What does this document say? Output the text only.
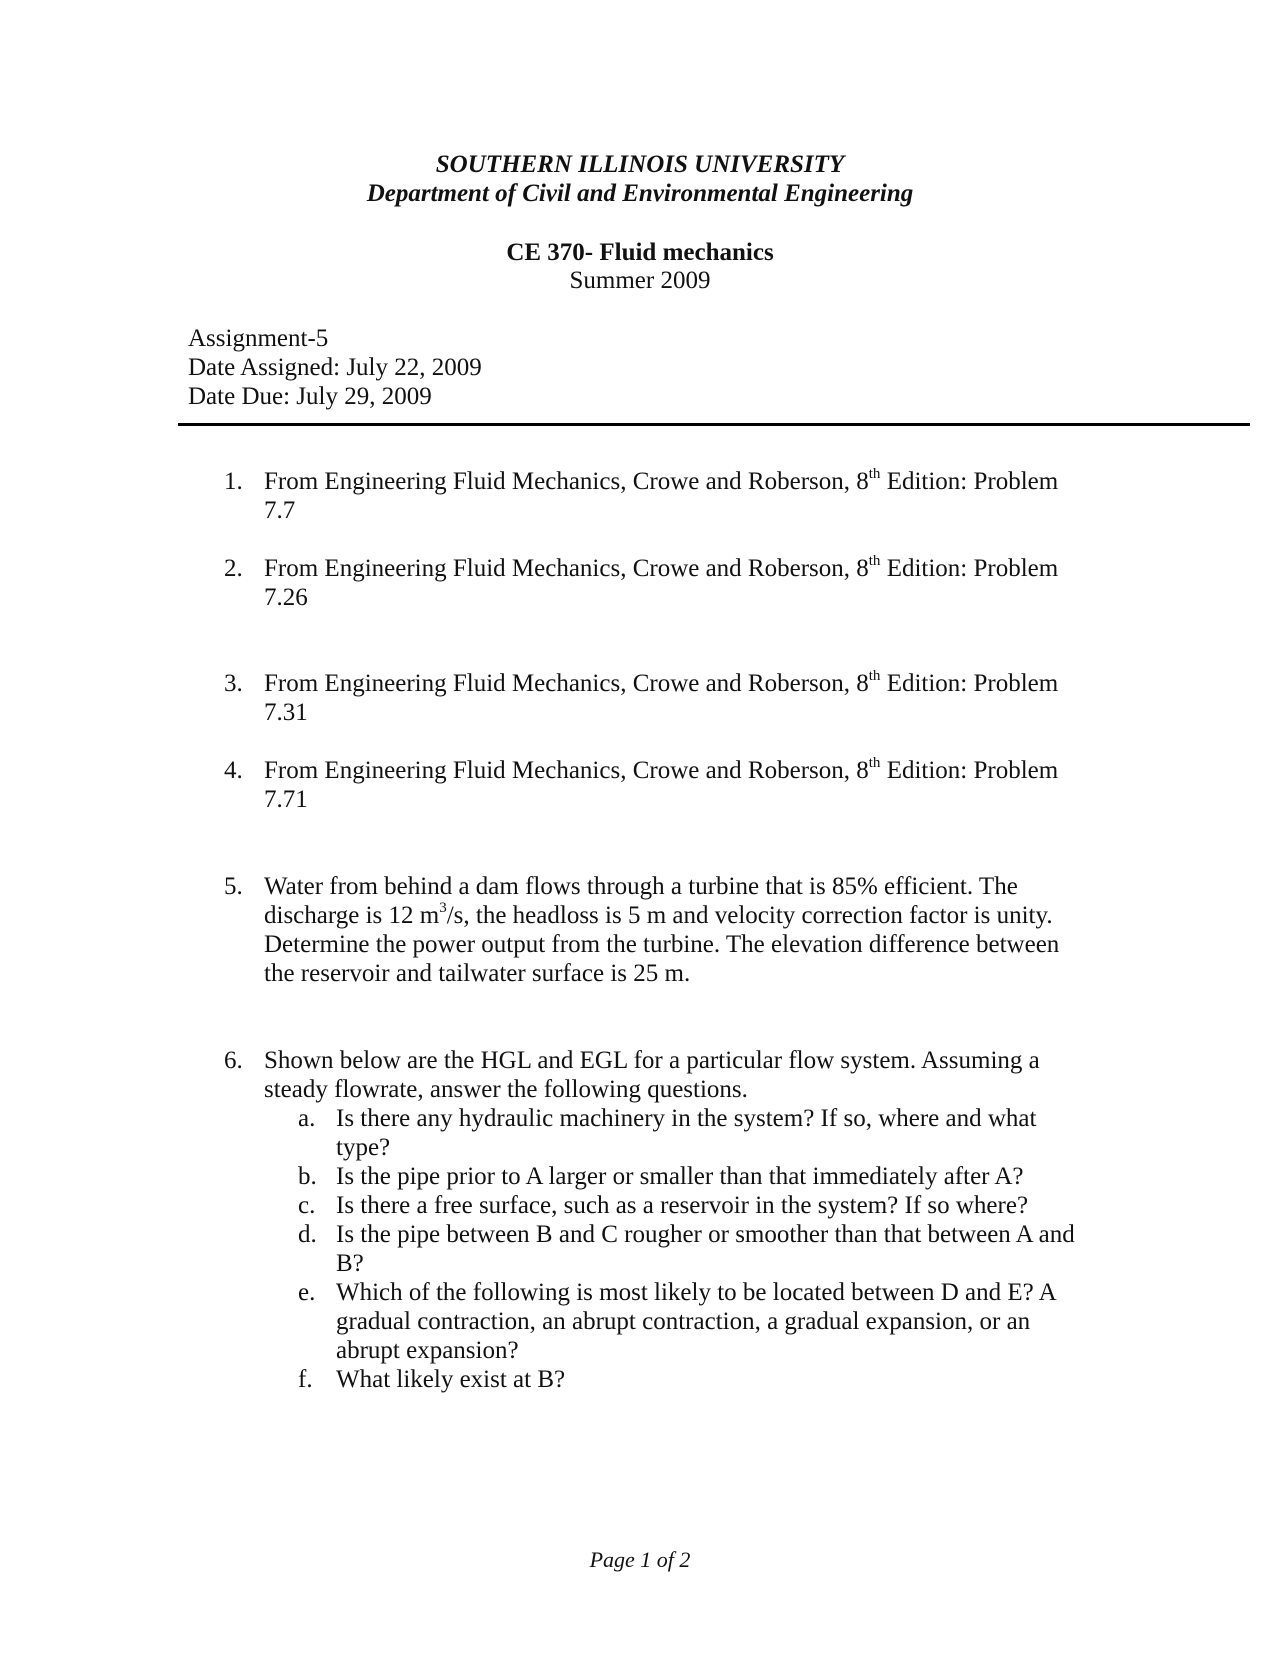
SOUTHERN ILLINOIS UNIVERSITY
Department of Civil and Environmental Engineering
CE 370- Fluid mechanics
Summer 2009
Assignment-5
Date Assigned: July 22, 2009
Date Due: July 29, 2009
1. From Engineering Fluid Mechanics, Crowe and Roberson, 8th Edition: Problem
7.7
2. From Engineering Fluid Mechanics, Crowe and Roberson, 8th Edition: Problem
7.26
3. From Engineering Fluid Mechanics, Crowe and Roberson, 8th Edition: Problem
7.31
4. From Engineering Fluid Mechanics, Crowe and Roberson, 8th Edition: Problem
7.71
5. Water from behind a dam flows through a turbine that is 85% efficient. The
discharge is 12 $m^3/s$, the headloss is 5 m and velocity correction factor is unity.
Determine the power output from the turbine. The elevation difference between
the reservoir and tailwater surface is 25 m.
6. Shown below are the HGL and EGL for a particular flow system. Assuming a
steady flowrate, answer the following questions.
a. Is there any hydraulic machinery in the system? If so, where and what
type?
b. Is the pipe prior to A larger or smaller than that immediately after A?
c. Is there a free surface, such as a reservoir in the system? If so where?
d. Is the pipe between B and C rougher or smoother than that between A and
B?
e. Which of the following is most likely to be located between D and E? A
gradual contraction, an abrupt contraction, a gradual expansion, or an
abrupt expansion?
f. What likely exist at B?
Page 1 of 2
